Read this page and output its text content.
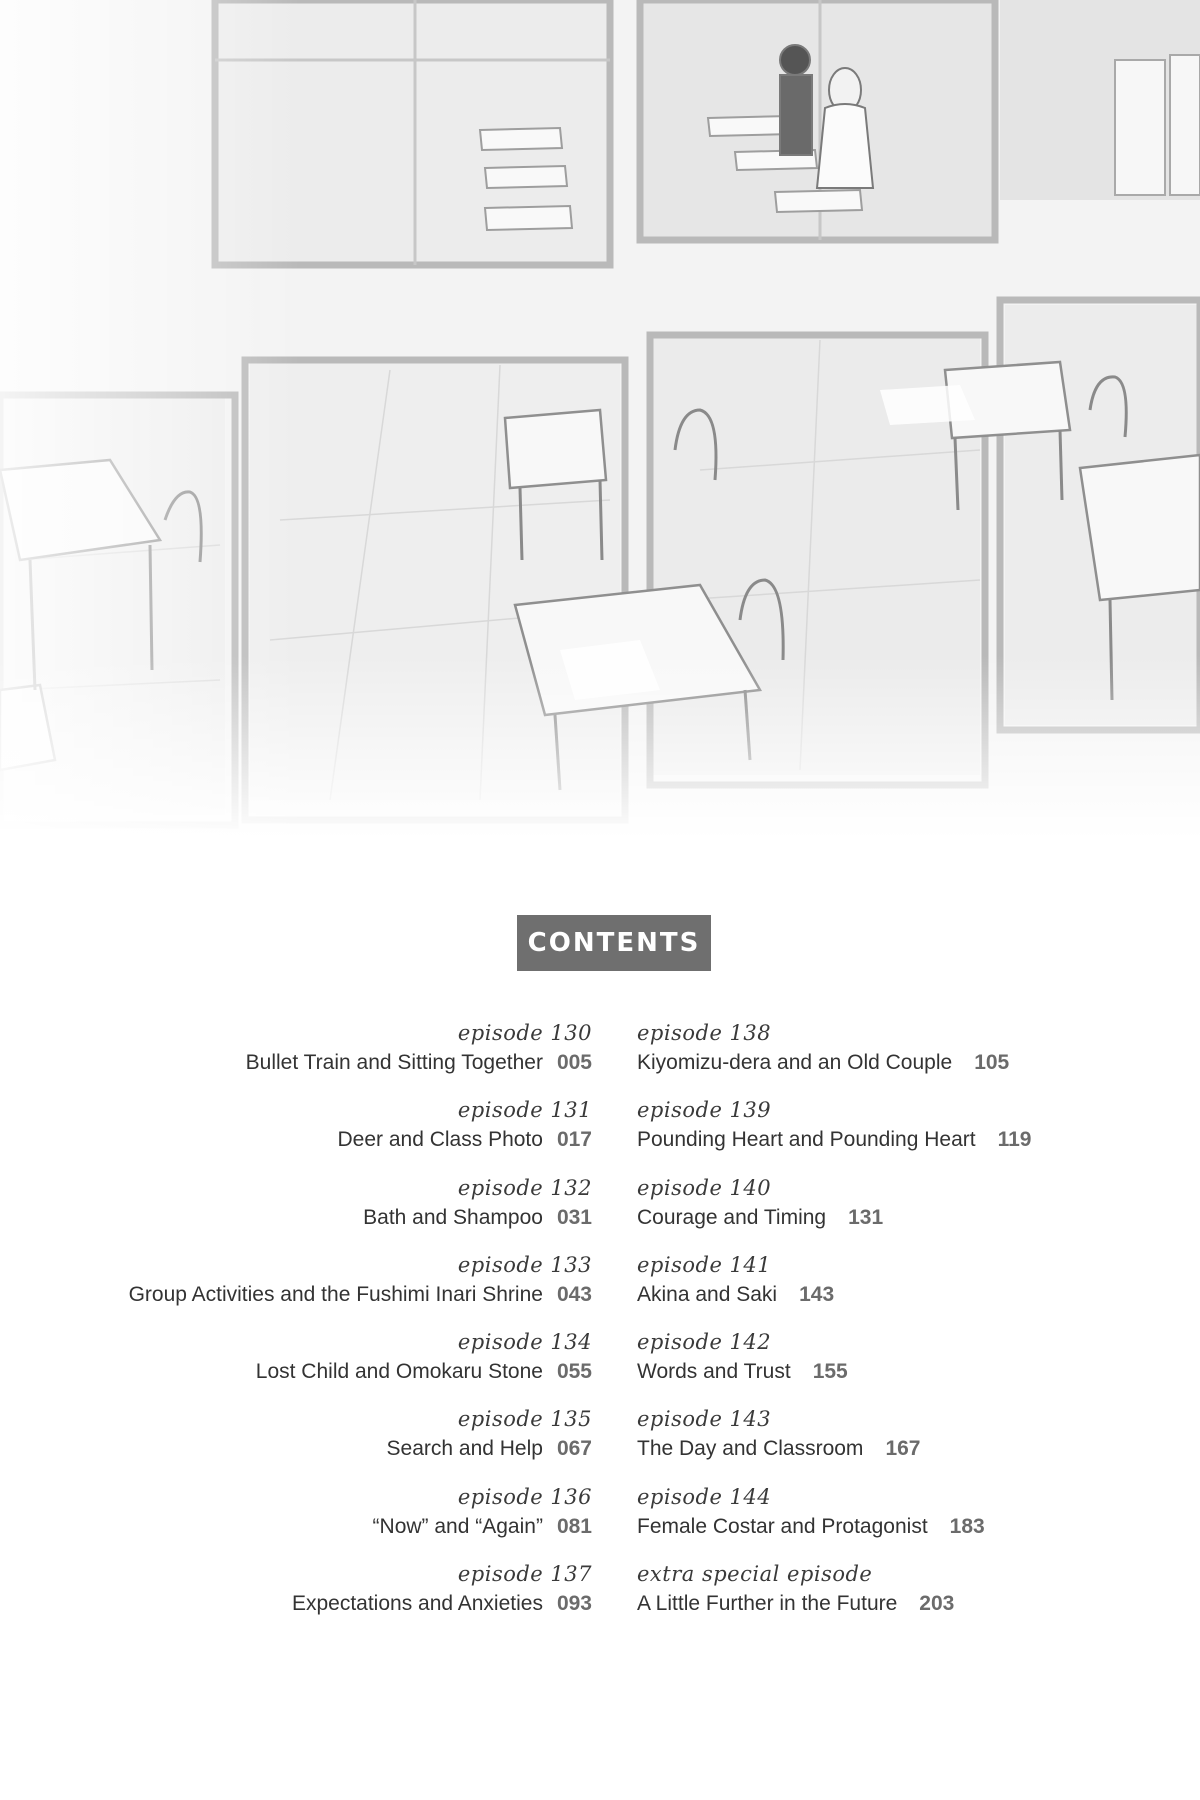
CONTENTS
episode 130
Bullet Train and Sitting Together 005
episode 131
Deer and Class Photo 017
episode 132
Bath and Shampoo 031
episode 133
Group Activities and the Fushimi Inari Shrine 043
episode 134
Lost Child and Omokaru Stone 055
episode 135
Search and Help 067
episode 136
“Now” and “Again” 081
episode 137
Expectations and Anxieties 093
episode 138
Kiyomizu-dera and an Old Couple 105
episode 139
Pounding Heart and Pounding Heart 119
episode 140
Courage and Timing 131
episode 141
Akina and Saki 143
episode 142
Words and Trust 155
episode 143
The Day and Classroom 167
episode 144
Female Costar and Protagonist 183
extra special episode
A Little Further in the Future 203
